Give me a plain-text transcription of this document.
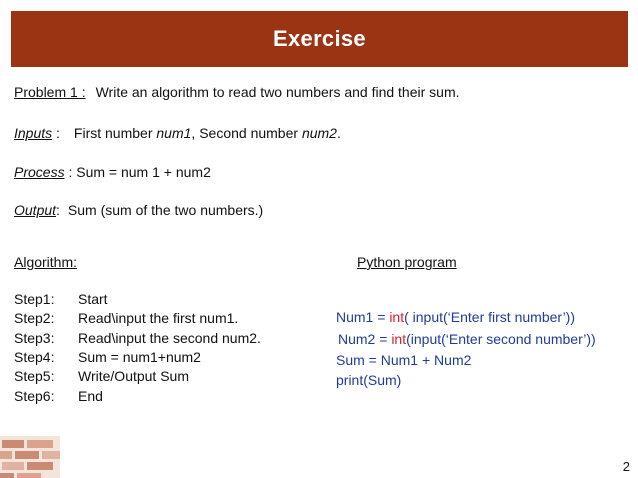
Exercise
Problem 1 : Write an algorithm to read two numbers and find their sum.
Inputs : First number num1, Second number num2.
Process : Sum = num 1 + num2
Output: Sum (sum of the two numbers.)
Algorithm:
Step1: Start
Step2: Read\input the first num1.
Step3: Read\input the second num2.
Step4: Sum = num1+num2
Step5: Write/Output Sum
Step6: End
Python program
Num1 = int( input(‘Enter first number’))
Num2 = int(input(‘Enter second number’))
Sum = Num1 + Num2
print(Sum)
2
